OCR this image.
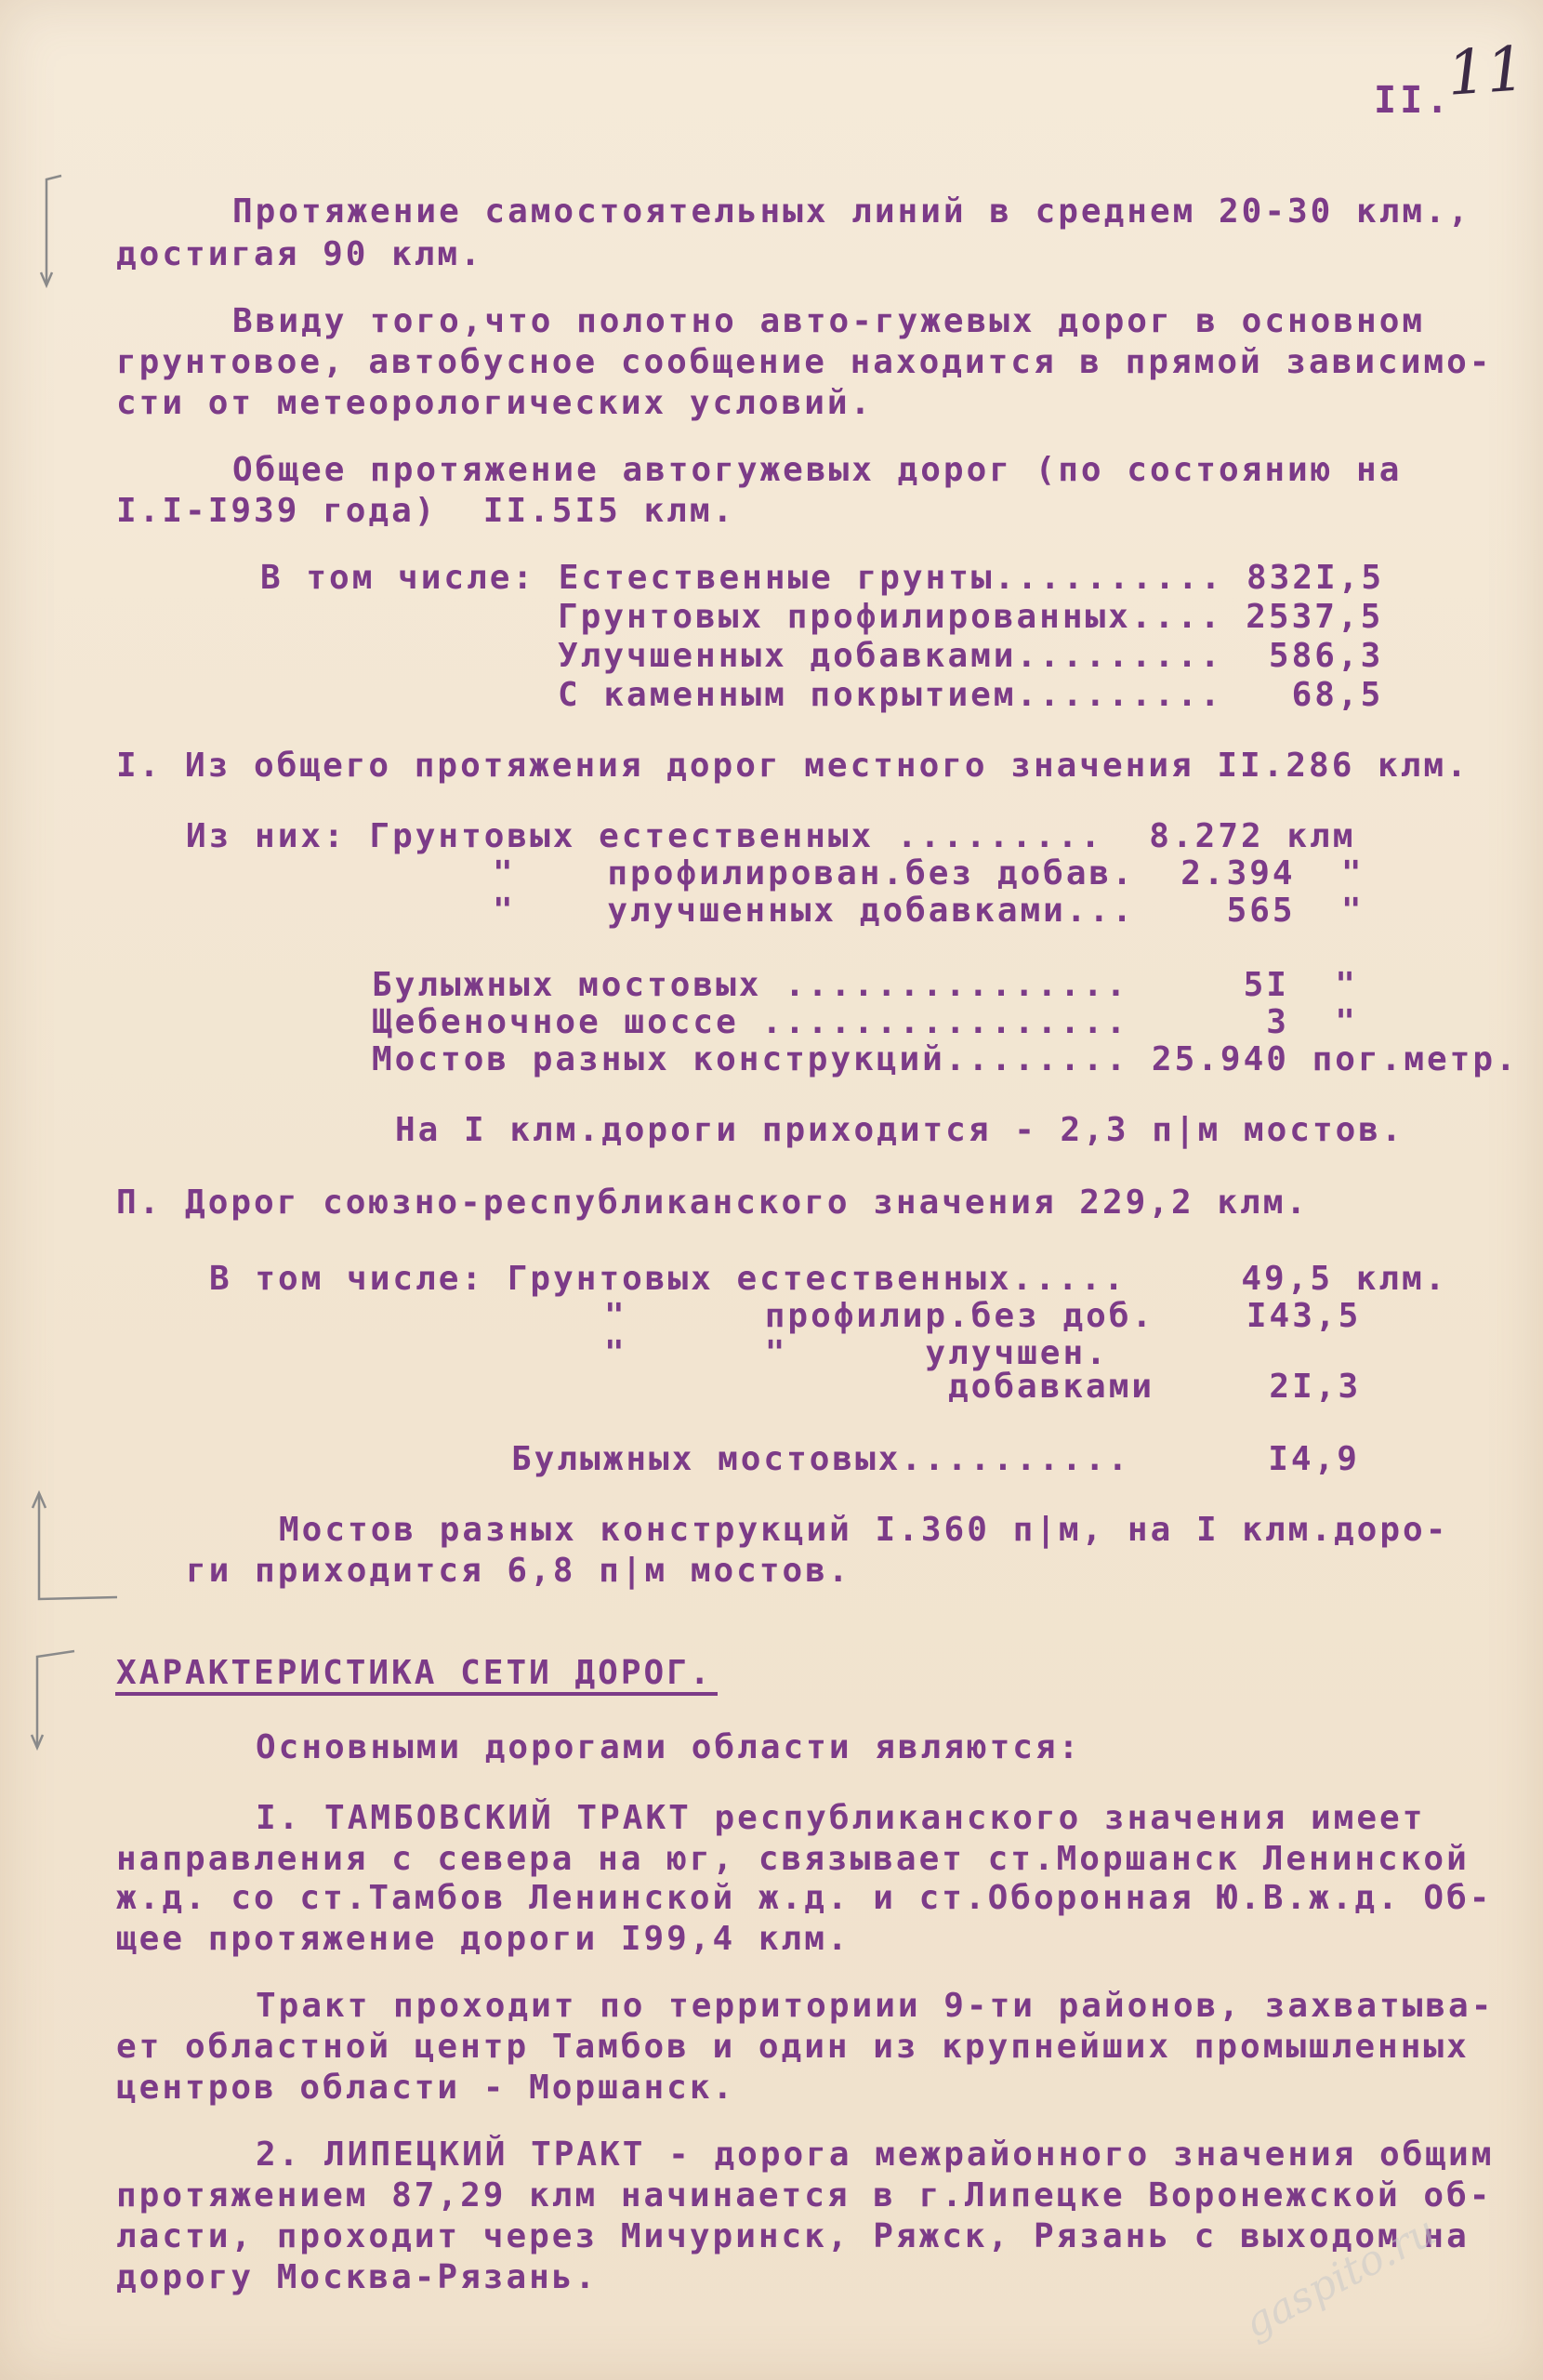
II.
11
Протяжение самостоятельных линий в среднем 20-30 клм.,
достигая 90 клм.
Ввиду того,что полотно авто-гужевых дорог в основном
грунтовое, автобусное сообщение находится в прямой зависимо-
сти от метеорологических условий.
Общее протяжение автогужевых дорог (по состоянию на
I.I-I939 года)  II.5I5 клм.
В том числе: Естественные грунты.......... 832I,5
Грунтовых профилированных.... 2537,5
Улучшенных добавками.........  586,3
С каменным покрытием.........   68,5
I. Из общего протяжения дорог местного значения II.286 клм.
Из них: Грунтовых естественных .........  8.272 клм
"    профилирован.без добав.  2.394  "
"    улучшенных добавками...    565  "
Булыжных мостовых ...............     5I  "
Щебеночное шоссе ................      3  "
Мостов разных конструкций........ 25.940 пог.метр.
На I клм.дороги приходится - 2,3 п|м мостов.
П. Дорог союзно-республиканского значения 229,2 клм.
В том числе: Грунтовых естественных.....     49,5 клм.
"      профилир.без доб.    I43,5
"      "      улучшен.
добавками     2I,3
Булыжных мостовых..........      I4,9
Мостов разных конструкций I.360 п|м, на I клм.доро-
ги приходится 6,8 п|м мостов.
ХАРАКТЕРИСТИКА СЕТИ ДОРОГ.
Основными дорогами области являются:
I. ТАМБОВСКИЙ ТРАКТ республиканского значения имеет
направления с севера на юг, связывает ст.Моршанск Ленинской
ж.д. со ст.Тамбов Ленинской ж.д. и ст.Оборонная Ю.В.ж.д. Об-
щее протяжение дороги I99,4 клм.
Тракт проходит по территориии 9-ти районов, захватыва-
ет областной центр Тамбов и один из крупнейших промышленных
центров области - Моршанск.
2. ЛИПЕЦКИЙ ТРАКТ - дорога межрайонного значения общим
протяжением 87,29 клм начинается в г.Липецке Воронежской об-
ласти, проходит через Мичуринск, Ряжск, Рязань с выходом на
дорогу Москва-Рязань.	gaspito.ru
